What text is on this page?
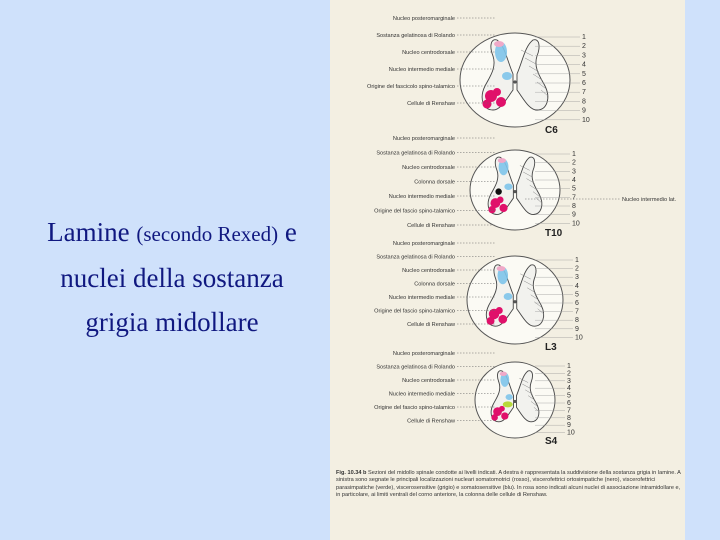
Lamine (secondo Rexed) e
nuclei della sostanza
grigia midollare
Nucleo posteromarginale
Sostanza gelatinosa di Rolando
Nucleo centrodorsale
Nucleo intermedio mediale
Origine del fascicolo spino-talamico
Cellule di Renshaw
1
2
3
4
5
6
7
8
9
10
C6
Nucleo posteromarginale
Sostanza gelatinosa di Rolando
Nucleo centrodorsale
Colonna dorsale
Nucleo intermedio mediale
Origine del fascio spino-talamico
Cellule di Renshaw
1
2
3
4
5
7
8
9
10
Nucleo intermedio lat.
T10
Nucleo posteromarginale
Sostanza gelatinosa di Rolando
Nucleo centrodorsale
Colonna dorsale
Nucleo intermedio mediale
Origine del fascio spino-talamico
Cellule di Renshaw
1
2
3
4
5
6
7
8
9
10
L3
Nucleo posteromarginale
Sostanza gelatinosa di Rolando
Nucleo centrodorsale
Nucleo intermedio mediale
Origine del fascio spino-talamico
Cellule di Renshaw
1
2
3
4
5
6
7
8
9
10
S4
Fig. 10.34 b Sezioni del midollo spinale condotte ai livelli indicati. A destra è rappresentata la suddivisione della sostanza grigia in lamine. A sinistra sono segnate le principali localizzazioni nucleari somatomotrici (rosso), viscerofettrici ortosimpatiche (nero), viscerofettrici parasimpatiche (verde), viscerosensitive (grigio) e somatosensitive (blu). In rosa sono indicati alcuni nuclei di associazione intramidollare e, in particolare, ai limiti ventrali del corno anteriore, la colonna delle cellule di Renshaw.
